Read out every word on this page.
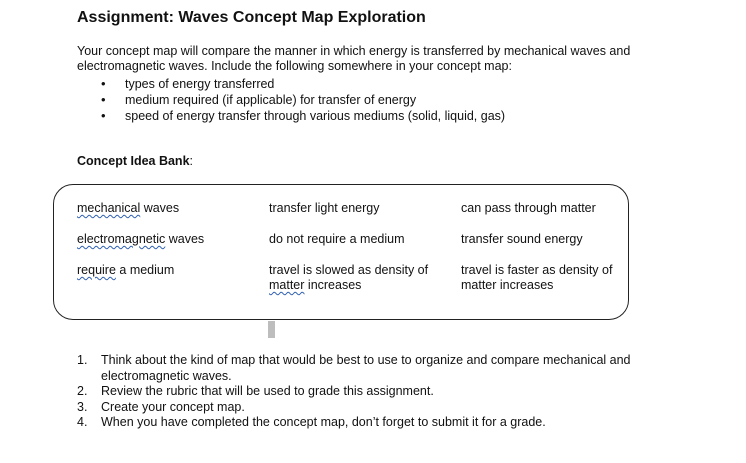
Assignment: Waves Concept Map Exploration

Your concept map will compare the manner in which energy is transferred by mechanical waves and electromagnetic waves. Include the following somewhere in your concept map:

• types of energy transferred
• medium required (if applicable) for transfer of energy
• speed of energy transfer through various mediums (solid, liquid, gas)

Concept Idea Bank:

mechanical waves
electromagnetic waves
require a medium
transfer light energy
do not require a medium
travel is slowed as density of
matter increases
can pass through matter
transfer sound energy
travel is faster as density of
matter increases
1. Think about the kind of map that would be best to use to organize and compare mechanical and electromagnetic waves.
2. Review the rubric that will be used to grade this assignment.
3. Create your concept map.
4. When you have completed the concept map, don’t forget to submit it for a grade.
